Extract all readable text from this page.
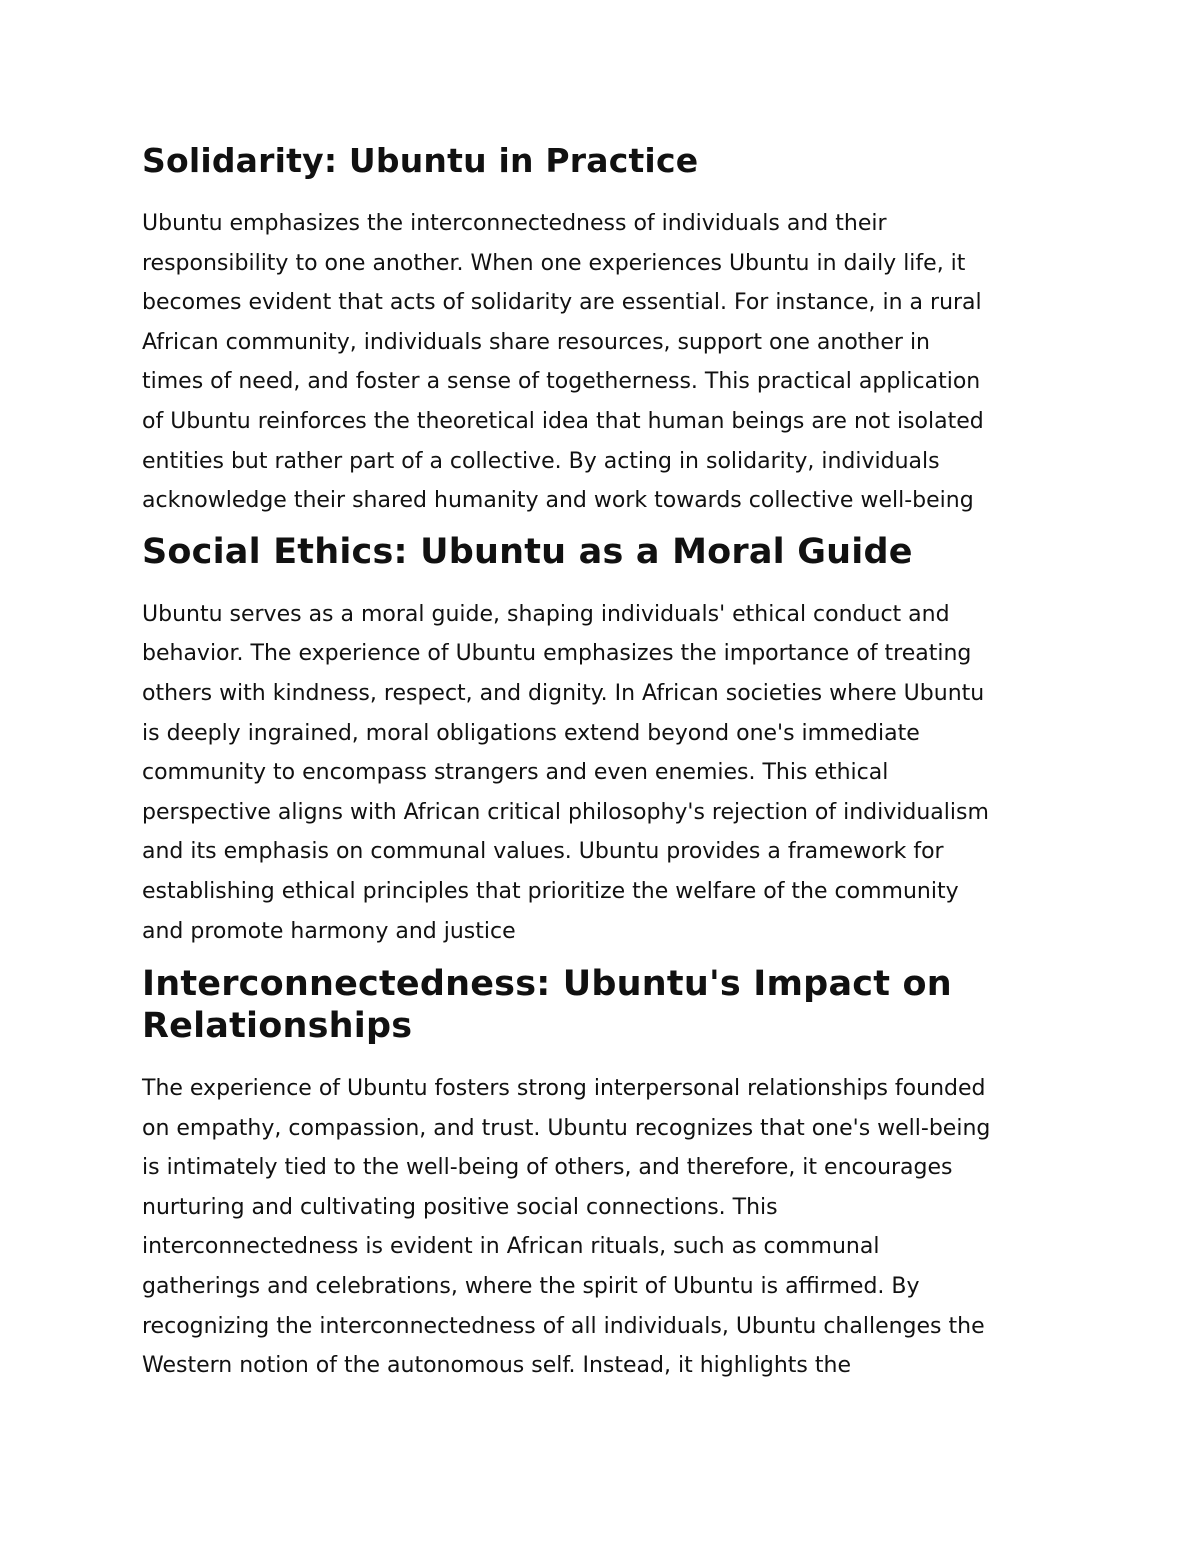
Solidarity: Ubuntu in Practice

Ubuntu emphasizes the interconnectedness of individuals and their
responsibility to one another. When one experiences Ubuntu in daily life, it
becomes evident that acts of solidarity are essential. For instance, in a rural
African community, individuals share resources, support one another in
times of need, and foster a sense of togetherness. This practical application
of Ubuntu reinforces the theoretical idea that human beings are not isolated
entities but rather part of a collective. By acting in solidarity, individuals
acknowledge their shared humanity and work towards collective well-being

Social Ethics: Ubuntu as a Moral Guide

Ubuntu serves as a moral guide, shaping individuals' ethical conduct and
behavior. The experience of Ubuntu emphasizes the importance of treating
others with kindness, respect, and dignity. In African societies where Ubuntu
is deeply ingrained, moral obligations extend beyond one's immediate
community to encompass strangers and even enemies. This ethical
perspective aligns with African critical philosophy's rejection of individualism
and its emphasis on communal values. Ubuntu provides a framework for
establishing ethical principles that prioritize the welfare of the community
and promote harmony and justice

Interconnectedness: Ubuntu's Impact on
Relationships

The experience of Ubuntu fosters strong interpersonal relationships founded
on empathy, compassion, and trust. Ubuntu recognizes that one's well-being
is intimately tied to the well-being of others, and therefore, it encourages
nurturing and cultivating positive social connections. This
interconnectedness is evident in African rituals, such as communal
gatherings and celebrations, where the spirit of Ubuntu is affirmed. By
recognizing the interconnectedness of all individuals, Ubuntu challenges the
Western notion of the autonomous self. Instead, it highlights the
